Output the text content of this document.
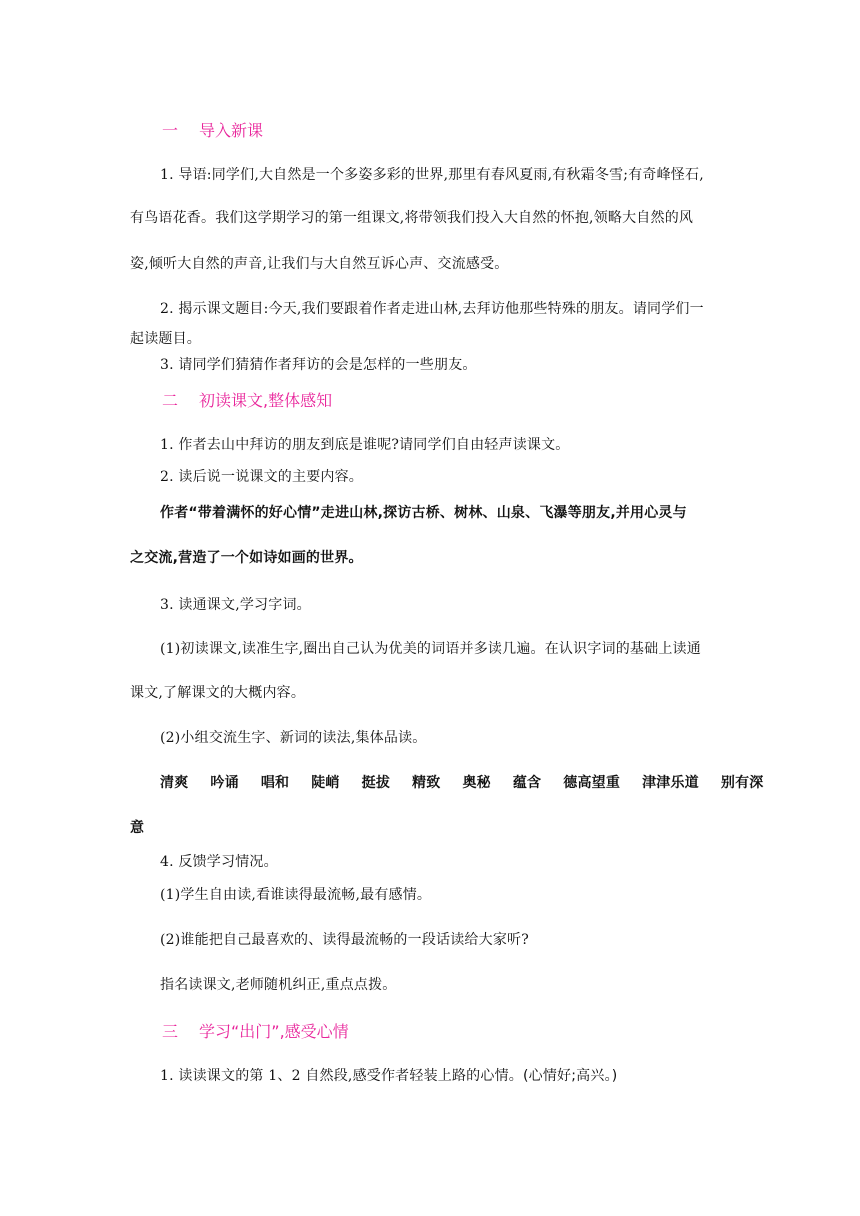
一 导入新课
1. 导语:同学们,大自然是一个多姿多彩的世界,那里有春风夏雨,有秋霜冬雪;有奇峰怪石,
有鸟语花香。我们这学期学习的第一组课文,将带领我们投入大自然的怀抱,领略大自然的风
姿,倾听大自然的声音,让我们与大自然互诉心声、交流感受。
2. 揭示课文题目:今天,我们要跟着作者走进山林,去拜访他那些特殊的朋友。请同学们一
起读题目。
3. 请同学们猜猜作者拜访的会是怎样的一些朋友。
二 初读课文,整体感知
1. 作者去山中拜访的朋友到底是谁呢?请同学们自由轻声读课文。
2. 读后说一说课文的主要内容。
作者“带着满怀的好心情”走进山林,探访古桥、树林、山泉、飞瀑等朋友,并用心灵与
之交流,营造了一个如诗如画的世界。
3. 读通课文,学习字词。
(1)初读课文,读准生字,圈出自己认为优美的词语并多读几遍。在认识字词的基础上读通
课文,了解课文的大概内容。
(2)小组交流生字、新词的读法,集体品读。
清爽 吟诵 唱和 陡峭 挺拔 精致 奥秘 蕴含 德高望重 津津乐道 别有深
意
4. 反馈学习情况。
(1)学生自由读,看谁读得最流畅,最有感情。
(2)谁能把自己最喜欢的、读得最流畅的一段话读给大家听?
指名读课文,老师随机纠正,重点点拨。
三 学习“出门”,感受心情
1. 读读课文的第 1、2 自然段,感受作者轻装上路的心情。(心情好;高兴。)
